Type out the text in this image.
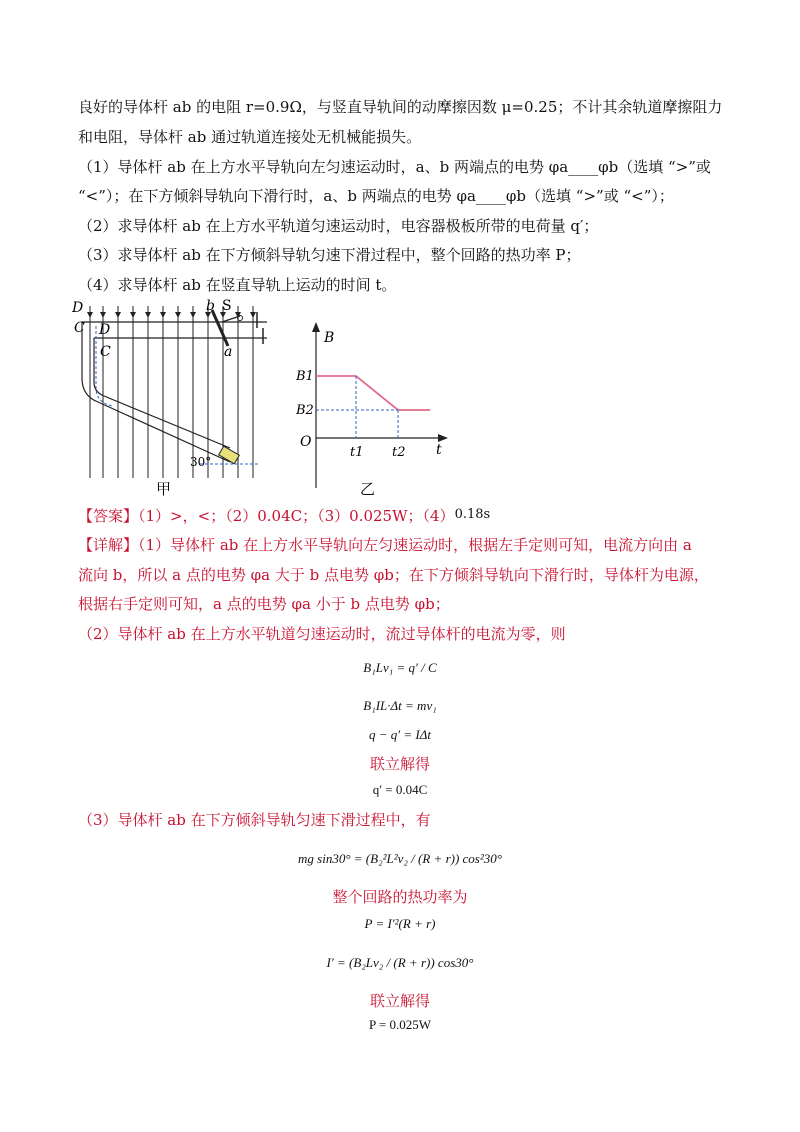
良好的导体杆 ab 的电阻 r=0.9Ω，与竖直导轨间的动摩擦因数 μ=0.25；不计其余轨道摩擦阻力
和电阻，导体杆 ab 通过轨道连接处无机械能损失。
（1）导体杆 ab 在上方水平导轨向左匀速运动时，a、b 两端点的电势 φa____φb（选填 “>”或
“<”）；在下方倾斜导轨向下滑行时，a、b 两端点的电势 φa____φb（选填 “>”或 “<”）；
（2）求导体杆 ab 在上方水平轨道匀速运动时，电容器极板所带的电荷量 q′；
（3）求导体杆 ab 在下方倾斜导轨匀速下滑过程中，整个回路的热功率 P；
（4）求导体杆 ab 在竖直导轨上运动的时间 t。
D
C D
C
b S
a
30°
甲
B
O	t
B1
B2
t1 t2
乙
【答案】（1）>，<；（2）0.04C；（3）0.025W；（4）0.18s
【详解】（1）导体杆 ab 在上方水平导轨向左匀速运动时，根据左手定则可知，电流方向由 a
流向 b，所以 a 点的电势 φa 大于 b 点电势 φb；在下方倾斜导轨向下滑行时，导体杆为电源，
根据右手定则可知，a 点的电势 φa 小于 b 点电势 φb；
（2）导体杆 ab 在上方水平轨道匀速运动时，流过导体杆的电流为零，则
B₁Lv₁ = q′ / C
B₁IL·Δt = mv₁
q − q′ = IΔt
联立解得
q′ = 0.04C
（3）导体杆 ab 在下方倾斜导轨匀速下滑过程中，有
mg sin30° = (B₂²L²v₂ / (R + r)) cos²30°
整个回路的热功率为
P = I′²(R + r)
I′ = (B₂Lv₂ / (R + r)) cos30°
联立解得
P = 0.025W
